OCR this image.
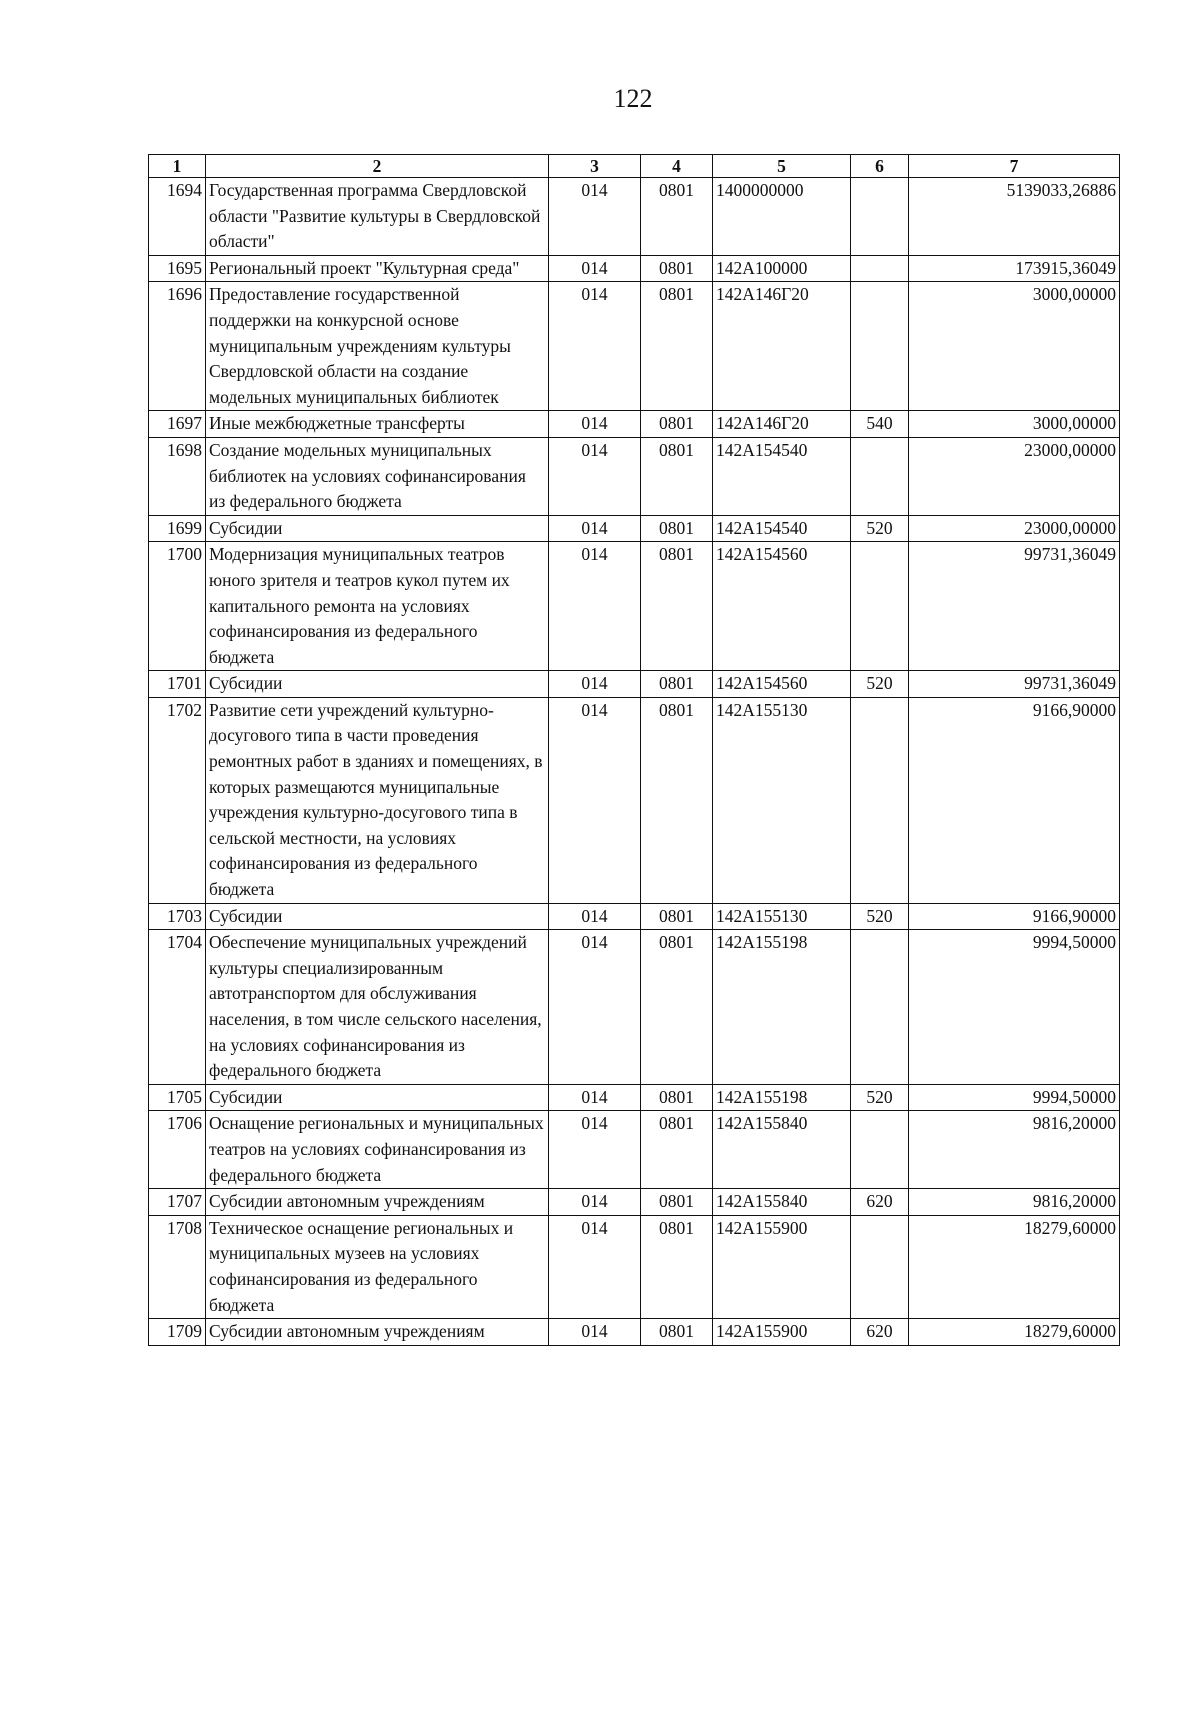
122
1	2	3	4	5	6	7
1694	Государственная программа Свердловской области "Развитие культуры в Свердловской области"	014	0801	1400000000		5139033,26886
1695	Региональный проект "Культурная среда"	014	0801	142A100000		173915,36049
1696	Предоставление государственной поддержки на конкурсной основе муниципальным учреждениям культуры Свердловской области на создание модельных муниципальных библиотек	014	0801	142A146Г20		3000,00000
1697	Иные межбюджетные трансферты	014	0801	142A146Г20	540	3000,00000
1698	Создание модельных муниципальных библиотек на условиях софинансирования из федерального бюджета	014	0801	142A154540		23000,00000
1699	Субсидии	014	0801	142A154540	520	23000,00000
1700	Модернизация муниципальных театров юного зрителя и театров кукол путем их капитального ремонта на условиях софинансирования из федерального бюджета	014	0801	142A154560		99731,36049
1701	Субсидии	014	0801	142A154560	520	99731,36049
1702	Развитие сети учреждений культурно-досугового типа в части проведения ремонтных работ в зданиях и помещениях, в которых размещаются муниципальные учреждения культурно-досугового типа в сельской местности, на условиях софинансирования из федерального бюджета	014	0801	142A155130		9166,90000
1703	Субсидии	014	0801	142A155130	520	9166,90000
1704	Обеспечение муниципальных учреждений культуры специализированным автотранспортом для обслуживания населения, в том числе сельского населения, на условиях софинансирования из федерального бюджета	014	0801	142A155198		9994,50000
1705	Субсидии	014	0801	142A155198	520	9994,50000
1706	Оснащение региональных и муниципальных театров на условиях софинансирования из федерального бюджета	014	0801	142A155840		9816,20000
1707	Субсидии автономным учреждениям	014	0801	142A155840	620	9816,20000
1708	Техническое оснащение региональных и муниципальных музеев на условиях софинансирования из федерального бюджета	014	0801	142A155900		18279,60000
1709	Субсидии автономным учреждениям	014	0801	142A155900	620	18279,60000
